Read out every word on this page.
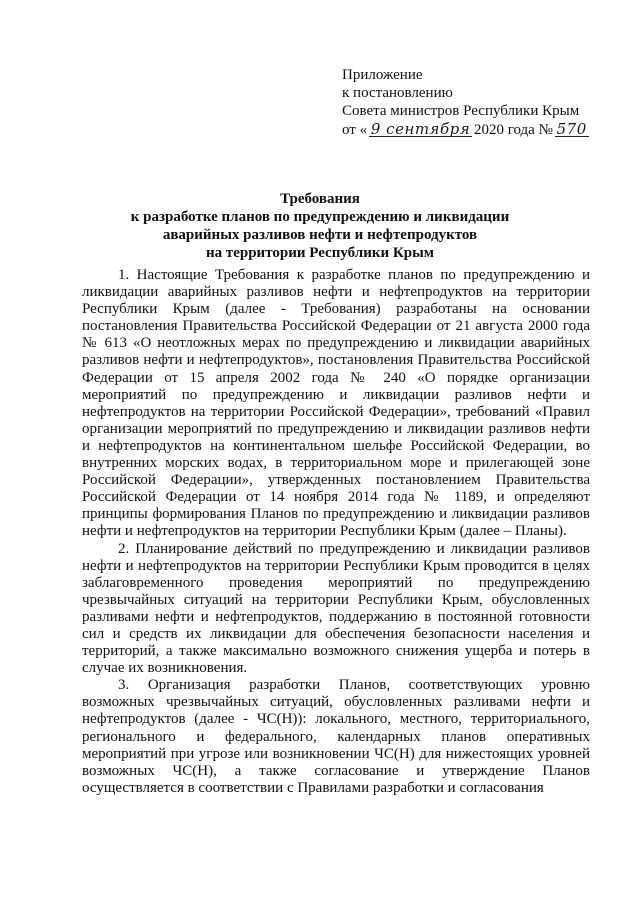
Приложение
к постановлению
Совета министров Республики Крым
от « 9 сентября 2020 года № 570
Требования
к разработке планов по предупреждению и ликвидации
аварийных разливов нефти и нефтепродуктов
на территории Республики Крым

1. Настоящие Требования к разработке планов по предупреждению и ликвидации аварийных разливов нефти и нефтепродуктов на территории Республики Крым (далее - Требования) разработаны на основании постановления Правительства Российской Федерации от 21 августа 2000 года № 613 «О неотложных мерах по предупреждению и ликвидации аварийных разливов нефти и нефтепродуктов», постановления Правительства Российской Федерации от 15 апреля 2002 года № 240 «О порядке организации мероприятий по предупреждению и ликвидации разливов нефти и нефтепродуктов на территории Российской Федерации», требований «Правил организации мероприятий по предупреждению и ликвидации разливов нефти и нефтепродуктов на континентальном шельфе Российской Федерации, во внутренних морских водах, в территориальном море и прилегающей зоне Российской Федерации», утвержденных постановлением Правительства Российской Федерации от 14 ноября 2014 года № 1189, и определяют принципы формирования Планов по предупреждению и ликвидации разливов нефти и нефтепродуктов на территории Республики Крым (далее – Планы).

2. Планирование действий по предупреждению и ликвидации разливов нефти и нефтепродуктов на территории Республики Крым проводится в целях заблаговременного проведения мероприятий по предупреждению чрезвычайных ситуаций на территории Республики Крым, обусловленных разливами нефти и нефтепродуктов, поддержанию в постоянной готовности сил и средств их ликвидации для обеспечения безопасности населения и территорий, а также максимально возможного снижения ущерба и потерь в случае их возникновения.

3. Организация разработки Планов, соответствующих уровню возможных чрезвычайных ситуаций, обусловленных разливами нефти и нефтепродуктов (далее - ЧС(Н)): локального, местного, территориального, регионального и федерального, календарных планов оперативных мероприятий при угрозе или возникновении ЧС(Н) для нижестоящих уровней возможных ЧС(Н), а также согласование и утверждение Планов осуществляется в соответствии с Правилами разработки и согласования
